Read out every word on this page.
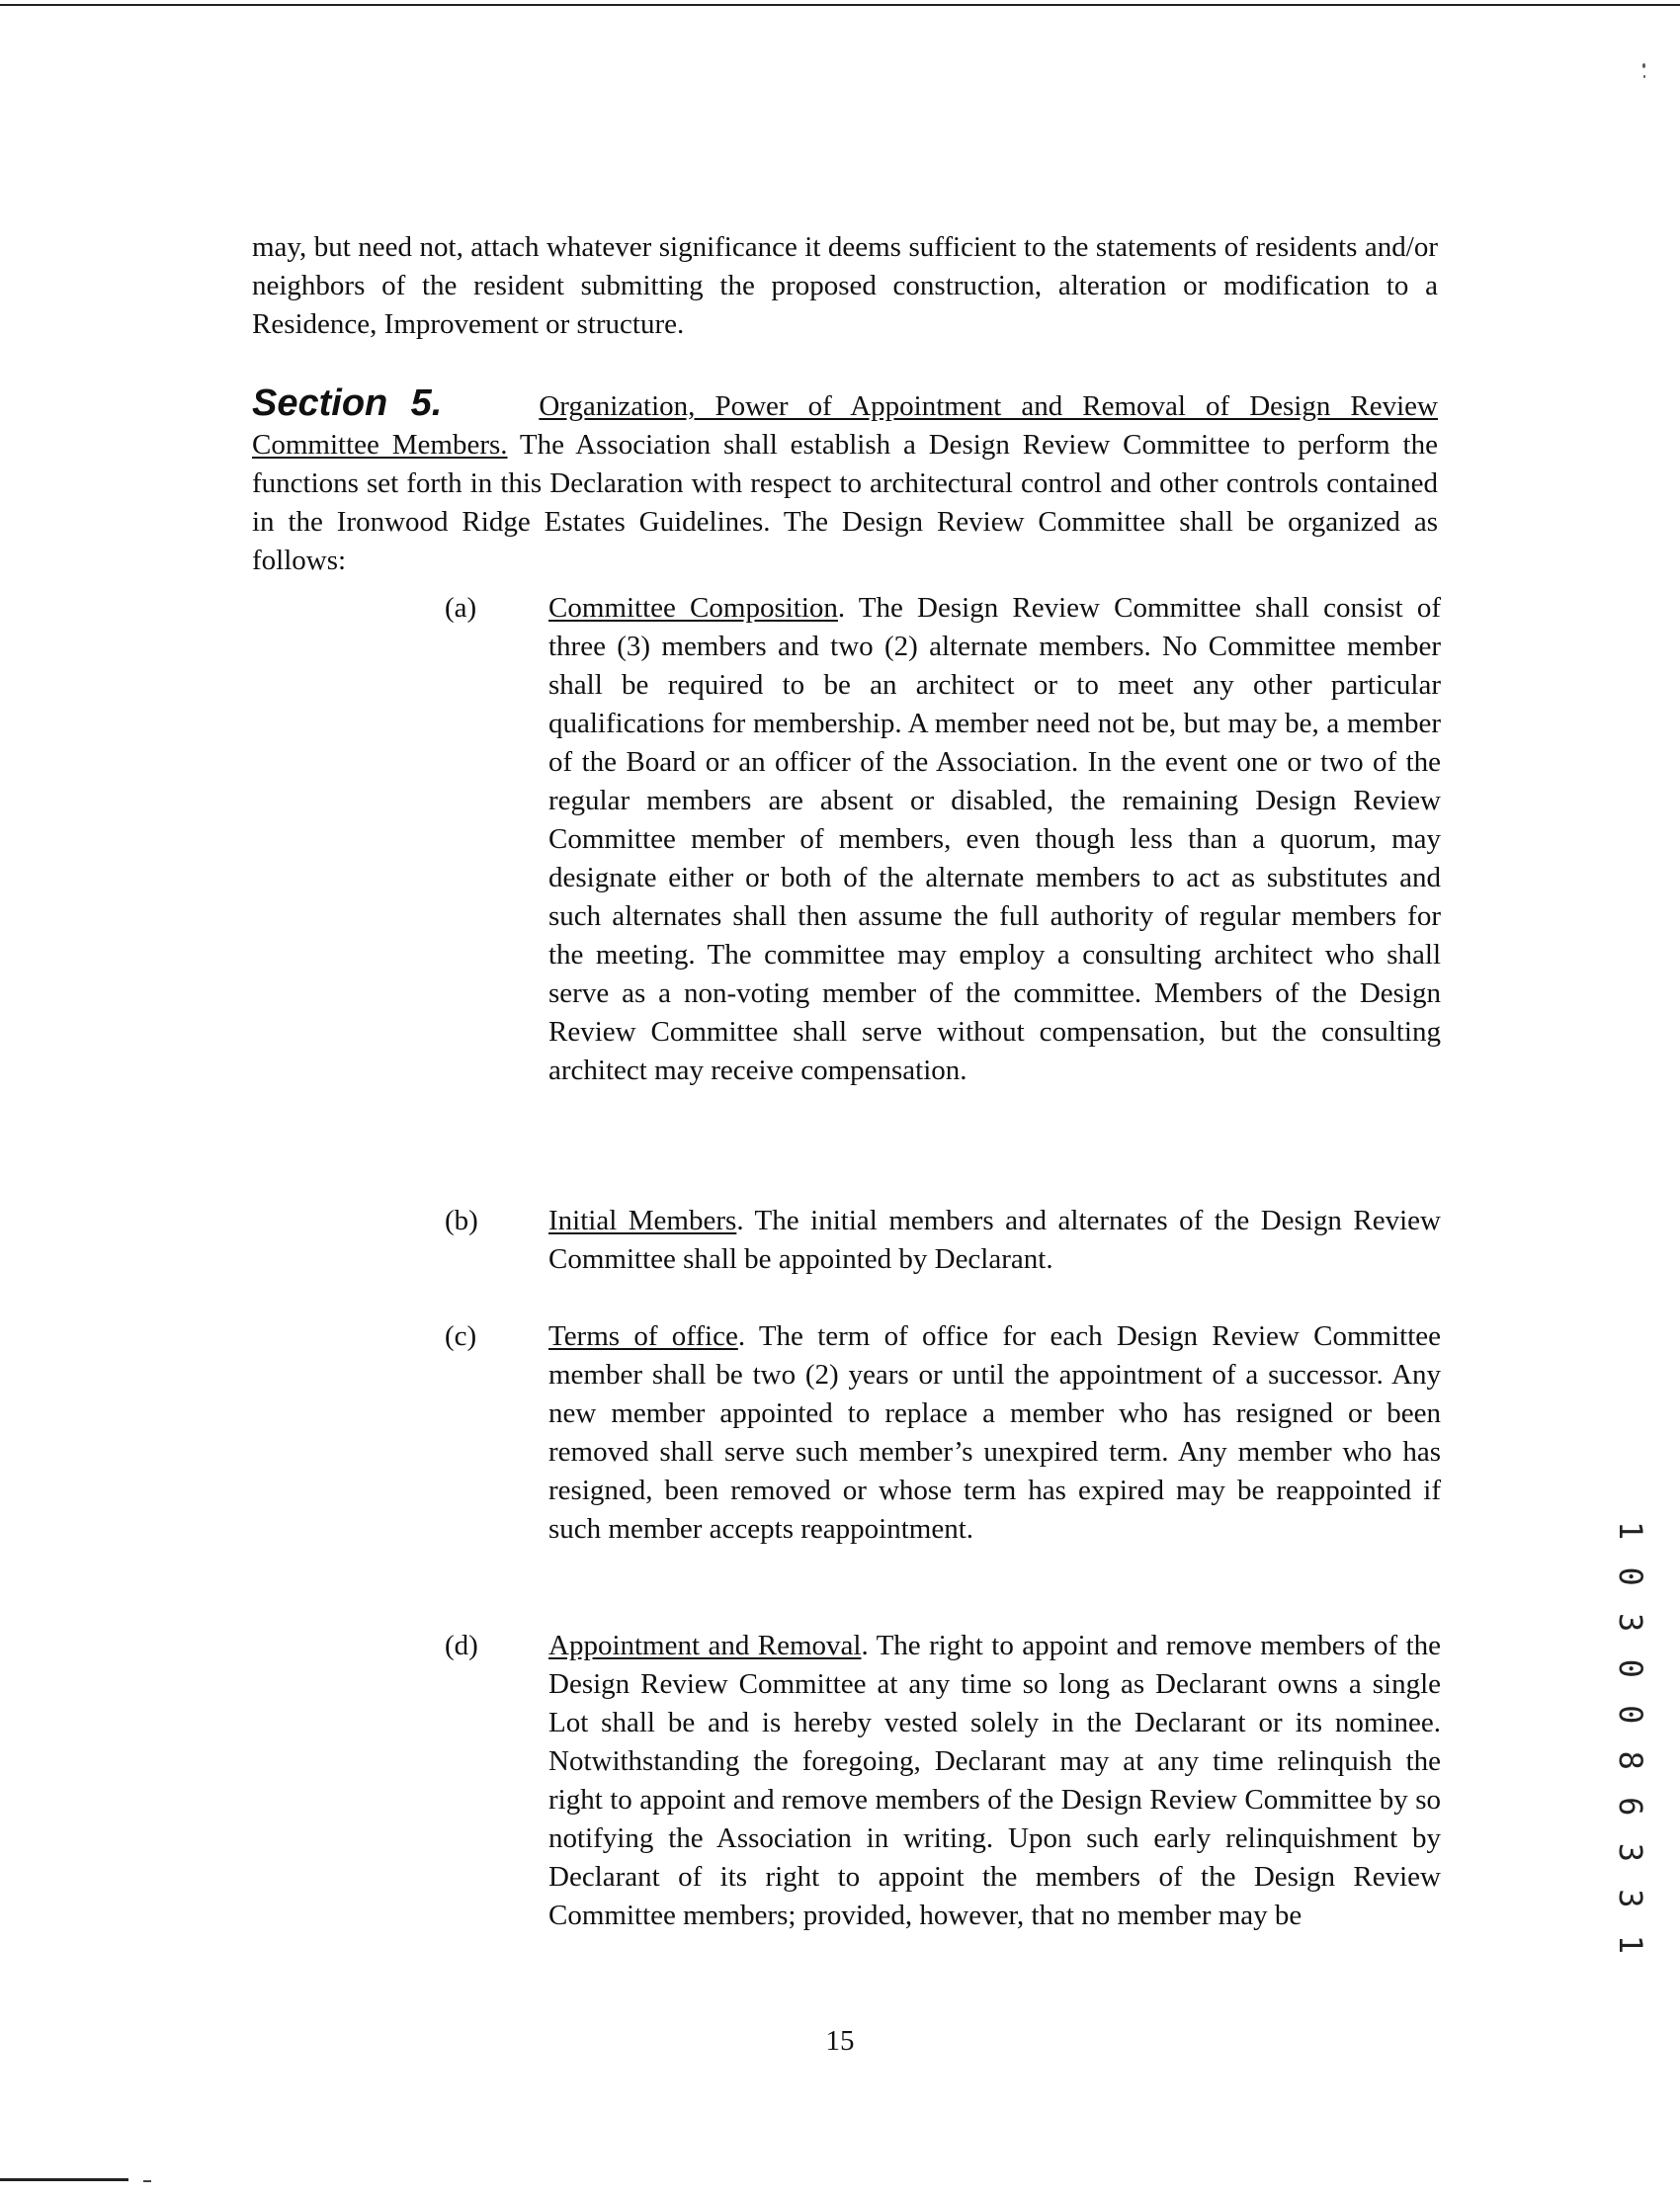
may, but need not, attach whatever significance it deems sufficient to the statements of residents and/or neighbors of the resident submitting the proposed construction, alteration or modification to a Residence, Improvement or structure.

Section 5.	Organization, Power of Appointment and Removal of Design Review Committee Members. The Association shall establish a Design Review Committee to perform the functions set forth in this Declaration with respect to architectural control and other controls contained in the Ironwood Ridge Estates Guidelines. The Design Review Committee shall be organized as follows:

(a)	Committee Composition. The Design Review Committee shall consist of three (3) members and two (2) alternate members. No Committee member shall be required to be an architect or to meet any other particular qualifications for membership. A member need not be, but may be, a member of the Board or an officer of the Association. In the event one or two of the regular members are absent or disabled, the remaining Design Review Committee member of members, even though less than a quorum, may designate either or both of the alternate members to act as substitutes and such alternates shall then assume the full authority of regular members for the meeting. The committee may employ a consulting architect who shall serve as a non-voting member of the committee. Members of the Design Review Committee shall serve without compensation, but the consulting architect may receive compensation.

(b) Initial Members. The initial members and alternates of the Design Review Committee shall be appointed by Declarant.

(c)	Terms of office. The term of office for each Design Review Committee member shall be two (2) years or until the appointment of a successor. Any new member appointed to replace a member who has resigned or been removed shall serve such member’s unexpired term. Any member who has resigned, been removed or whose term has expired may be reappointed if such member accepts reappointment.

(d) Appointment and Removal. The right to appoint and remove members of the Design Review Committee at any time so long as Declarant owns a single Lot shall be and is hereby vested solely in the Declarant or its nominee. Notwithstanding the foregoing, Declarant may at any time relinquish the right to appoint and remove members of the Design Review Committee by so notifying the Association in writing. Upon such early relinquishment by Declarant of its right to appoint the members of the Design Review Committee members; provided, however, that no member may be

15
1 0 3 0 0 8 6 3 3 1
